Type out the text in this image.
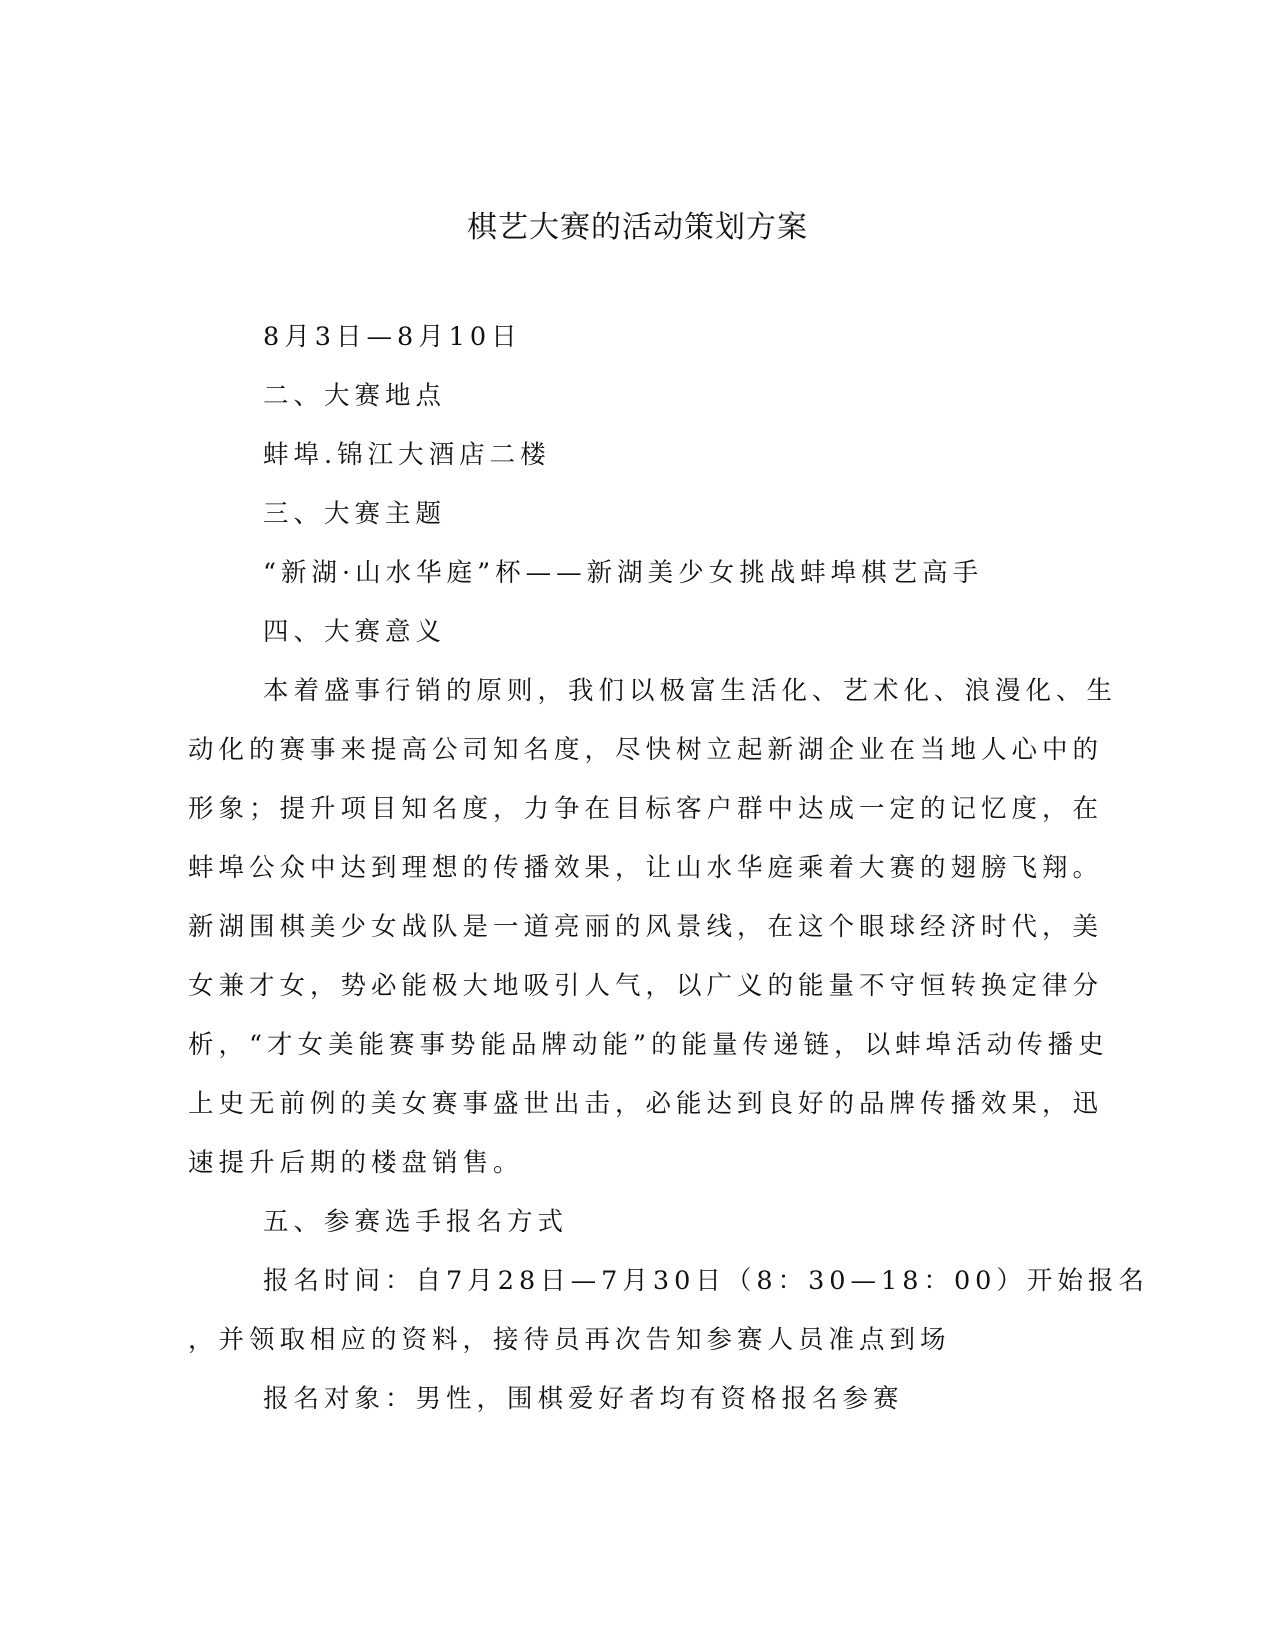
棋艺大赛的活动策划方案
8月3日—8月10日
二、大赛地点
蚌埠.锦江大酒店二楼
三、大赛主题
“新湖·山水华庭”杯——新湖美少女挑战蚌埠棋艺高手
四、大赛意义
本着盛事行销的原则，我们以极富生活化、艺术化、浪漫化、生
动化的赛事来提高公司知名度，尽快树立起新湖企业在当地人心中的
形象；提升项目知名度，力争在目标客户群中达成一定的记忆度，在
蚌埠公众中达到理想的传播效果，让山水华庭乘着大赛的翅膀飞翔。
新湖围棋美少女战队是一道亮丽的风景线，在这个眼球经济时代，美
女兼才女，势必能极大地吸引人气，以广义的能量不守恒转换定律分
析，“才女美能赛事势能品牌动能”的能量传递链，以蚌埠活动传播史
上史无前例的美女赛事盛世出击，必能达到良好的品牌传播效果，迅
速提升后期的楼盘销售。
五、参赛选手报名方式
报名时间：自7月28日—7月30日（8：30—18：00）开始报名
，并领取相应的资料，接待员再次告知参赛人员准点到场
报名对象：男性，围棋爱好者均有资格报名参赛
